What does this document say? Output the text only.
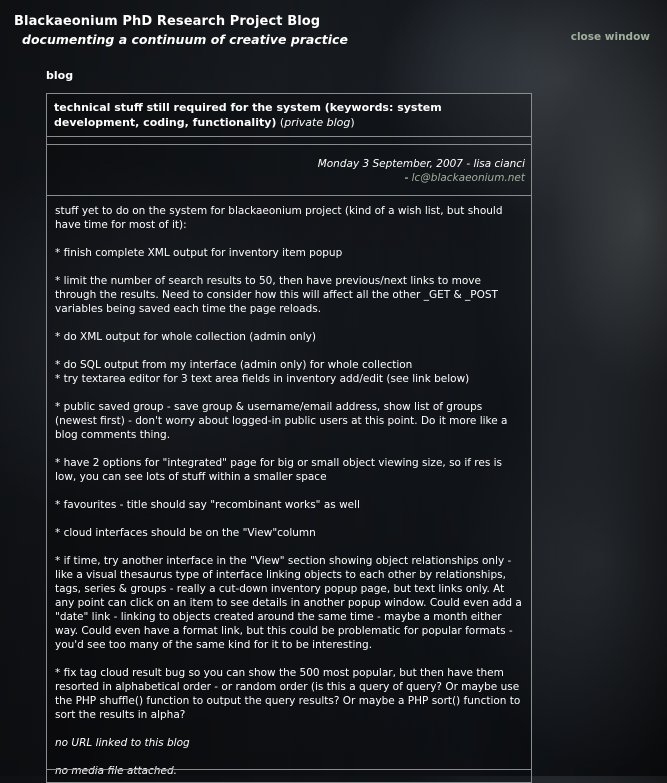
Blackaeonium PhD Research Project Blog
documenting a continuum of creative practice	close window
blog
technical stuff still required for the system (keywords: system development, coding, functionality) (private blog)
Monday 3 September, 2007 - lisa cianci
- lc@blackaeonium.net

stuff yet to do on the system for blackaeonium project (kind of a wish list, but should have time for most of it):

* finish complete XML output for inventory item popup

* limit the number of search results to 50, then have previous/next links to move through the results. Need to consider how this will affect all the other _GET & _POST variables being saved each time the page reloads.

* do XML output for whole collection (admin only)

* do SQL output from my interface (admin only) for whole collection

* try textarea editor for 3 text area fields in inventory add/edit (see link below)

* public saved group - save group & username/email address, show list of groups (newest first) - don't worry about logged-in public users at this point. Do it more like a blog comments thing.

* have 2 options for "integrated" page for big or small object viewing size, so if res is low, you can see lots of stuff within a smaller space

* favourites - title should say "recombinant works" as well

* cloud interfaces should be on the "View"column

* if time, try another interface in the "View" section showing object relationships only - like a visual thesaurus type of interface linking objects to each other by relationships, tags, series & groups - really a cut-down inventory popup page, but text links only. At any point can click on an item to see details in another popup window. Could even add a "date" link - linking to objects created around the same time - maybe a month either way. Could even have a format link, but this could be problematic for popular formats - you'd see too many of the same kind for it to be interesting.

* fix tag cloud result bug so you can show the 500 most popular, but then have them resorted in alphabetical order - or random order (is this a query of query? Or maybe use the PHP shuffle() function to output the query results? Or maybe a PHP sort() function to sort the results in alpha?

no URL linked to this blog

no media file attached.
